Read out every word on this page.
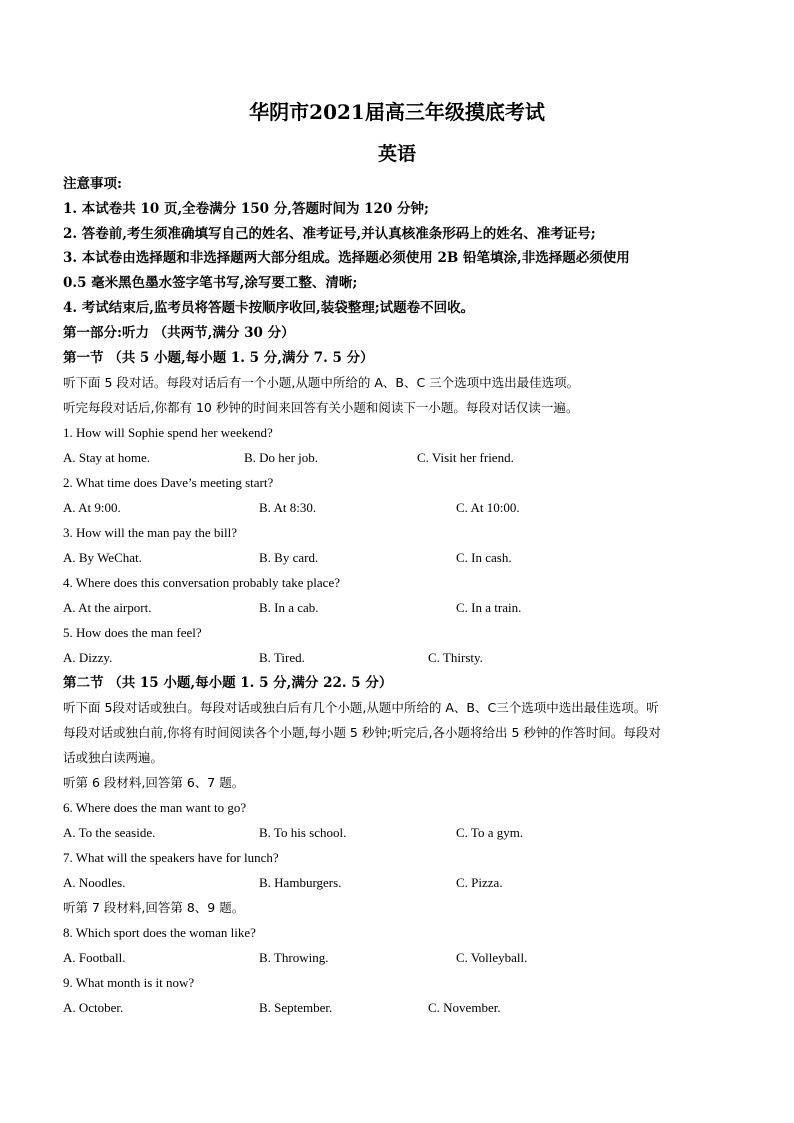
华阴市2021届高三年级摸底考试
英语
注意事项:
1. 本试卷共 10 页,全卷满分 150 分,答题时间为 120 分钟;
2. 答卷前,考生须准确填写自己的姓名、准考证号,并认真核准条形码上的姓名、准考证号;
3. 本试卷由选择题和非选择题两大部分组成。选择题必须使用 2B 铅笔填涂,非选择题必须使用
0.5 毫米黑色墨水签字笔书写,涂写要工整、清晰;
4. 考试结束后,监考员将答题卡按顺序收回,装袋整理;试题卷不回收。
第一部分:听力 （共两节,满分 30 分）
第一节 （共 5 小题,每小题 1. 5 分,满分 7. 5 分）
听下面 5 段对话。每段对话后有一个小题,从题中所给的 A、B、C 三个选项中选出最佳选项。
听完每段对话后,你都有 10 秒钟的时间来回答有关小题和阅读下一小题。每段对话仅读一遍。
1. How will Sophie spend her weekend?
A. Stay at home.	B. Do her job.	C. Visit her friend.
2. What time does Dave’s meeting start?
A. At 9:00.	B. At 8:30.	C. At 10:00.
3. How will the man pay the bill?
A. By WeChat.	B. By card.	C. In cash.
4. Where does this conversation probably take place?
A. At the airport.	B. In a cab.	C. In a train.
5. How does the man feel?
A. Dizzy.	B. Tired.	C. Thirsty.
第二节 （共 15 小题,每小题 1. 5 分,满分 22. 5 分）
听下面 5段对话或独白。每段对话或独白后有几个小题,从题中所给的 A、B、C三个选项中选出最佳选项。听
每段对话或独白前,你将有时间阅读各个小题,每小题 5 秒钟;听完后,各小题将给出 5 秒钟的作答时间。每段对
话或独白读两遍。
听第 6 段材料,回答第 6、7 题。
6. Where does the man want to go?
A. To the seaside.	B. To his school.	C. To a gym.
7. What will the speakers have for lunch?
A. Noodles.	B. Hamburgers.	C. Pizza.
听第 7 段材料,回答第 8、9 题。
8. Which sport does the woman like?
A. Football.	B. Throwing.	C. Volleyball.
9. What month is it now?
A. October.	B. September.	C. November.
